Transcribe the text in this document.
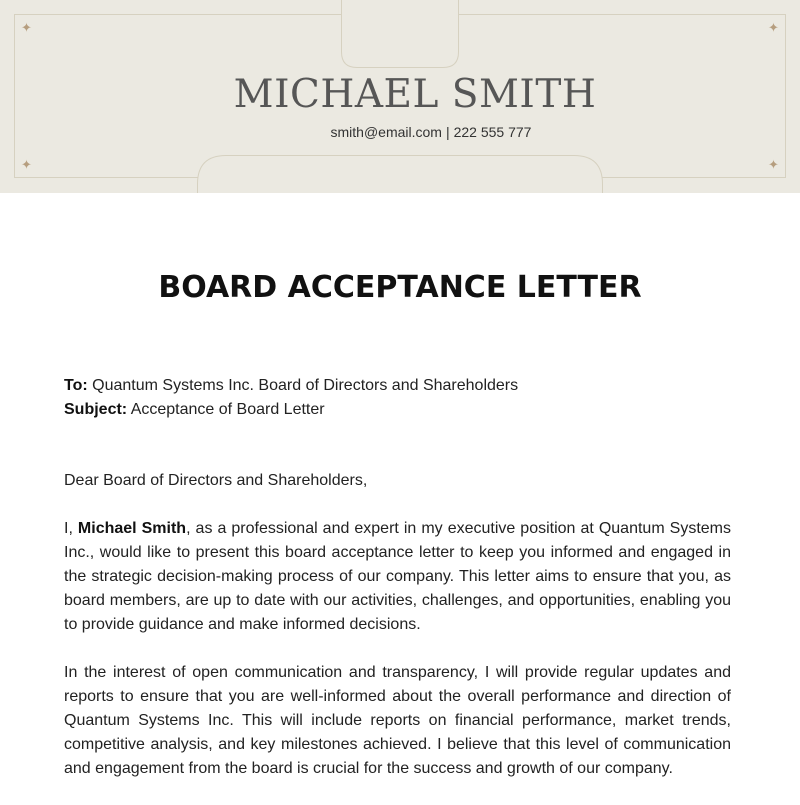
✦	✦
✦	✦
MICHAEL SMITH
smith@email.com | 222 555 777
BOARD ACCEPTANCE LETTER
To: Quantum Systems Inc. Board of Directors and Shareholders
Subject: Acceptance of Board Letter

Dear Board of Directors and Shareholders,

I, Michael Smith, as a professional and expert in my executive position at Quantum Systems Inc., would like to present this board acceptance letter to keep you informed and engaged in the strategic decision-making process of our company. This letter aims to ensure that you, as board members, are up to date with our activities, challenges, and opportunities, enabling you to provide guidance and make informed decisions.

In the interest of open communication and transparency, I will provide regular updates and reports to ensure that you are well-informed about the overall performance and direction of Quantum Systems Inc. This will include reports on financial performance, market trends, competitive analysis, and key milestones achieved. I believe that this level of communication and engagement from the board is crucial for the success and growth of our company.
